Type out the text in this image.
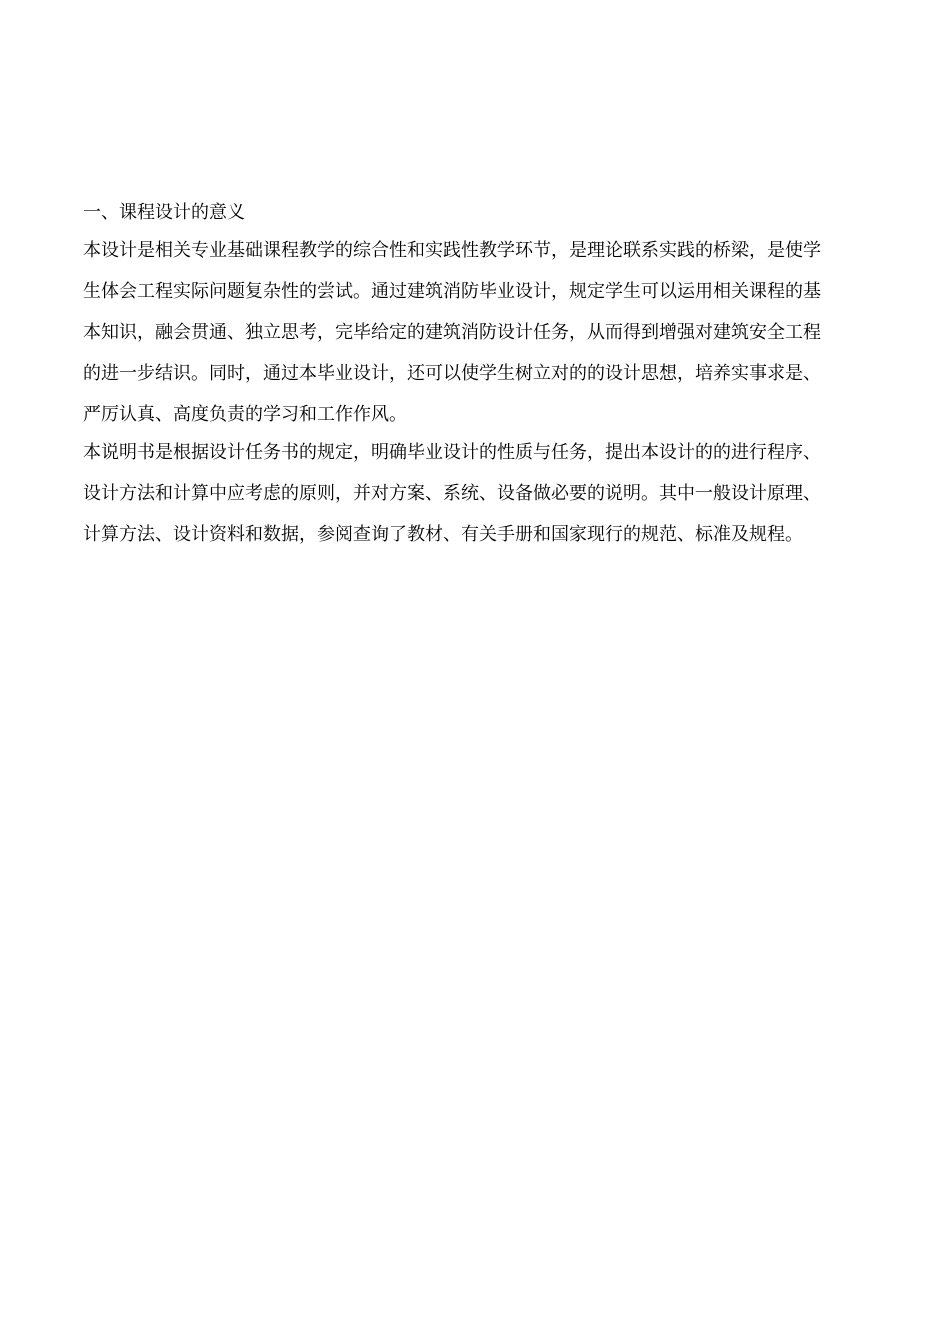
一、课程设计的意义

本设计是相关专业基础课程教学的综合性和实践性教学环节，是理论联系实践的桥梁，是使学
生体会工程实际问题复杂性的尝试。通过建筑消防毕业设计，规定学生可以运用相关课程的基
本知识，融会贯通、独立思考，完毕给定的建筑消防设计任务，从而得到增强对建筑安全工程
的进一步结识。同时，通过本毕业设计，还可以使学生树立对的的设计思想，培养实事求是、
严厉认真、高度负责的学习和工作作风。
本说明书是根据设计任务书的规定，明确毕业设计的性质与任务，提出本设计的的进行程序、
设计方法和计算中应考虑的原则，并对方案、系统、设备做必要的说明。其中一般设计原理、
计算方法、设计资料和数据，参阅查询了教材、有关手册和国家现行的规范、标准及规程。
